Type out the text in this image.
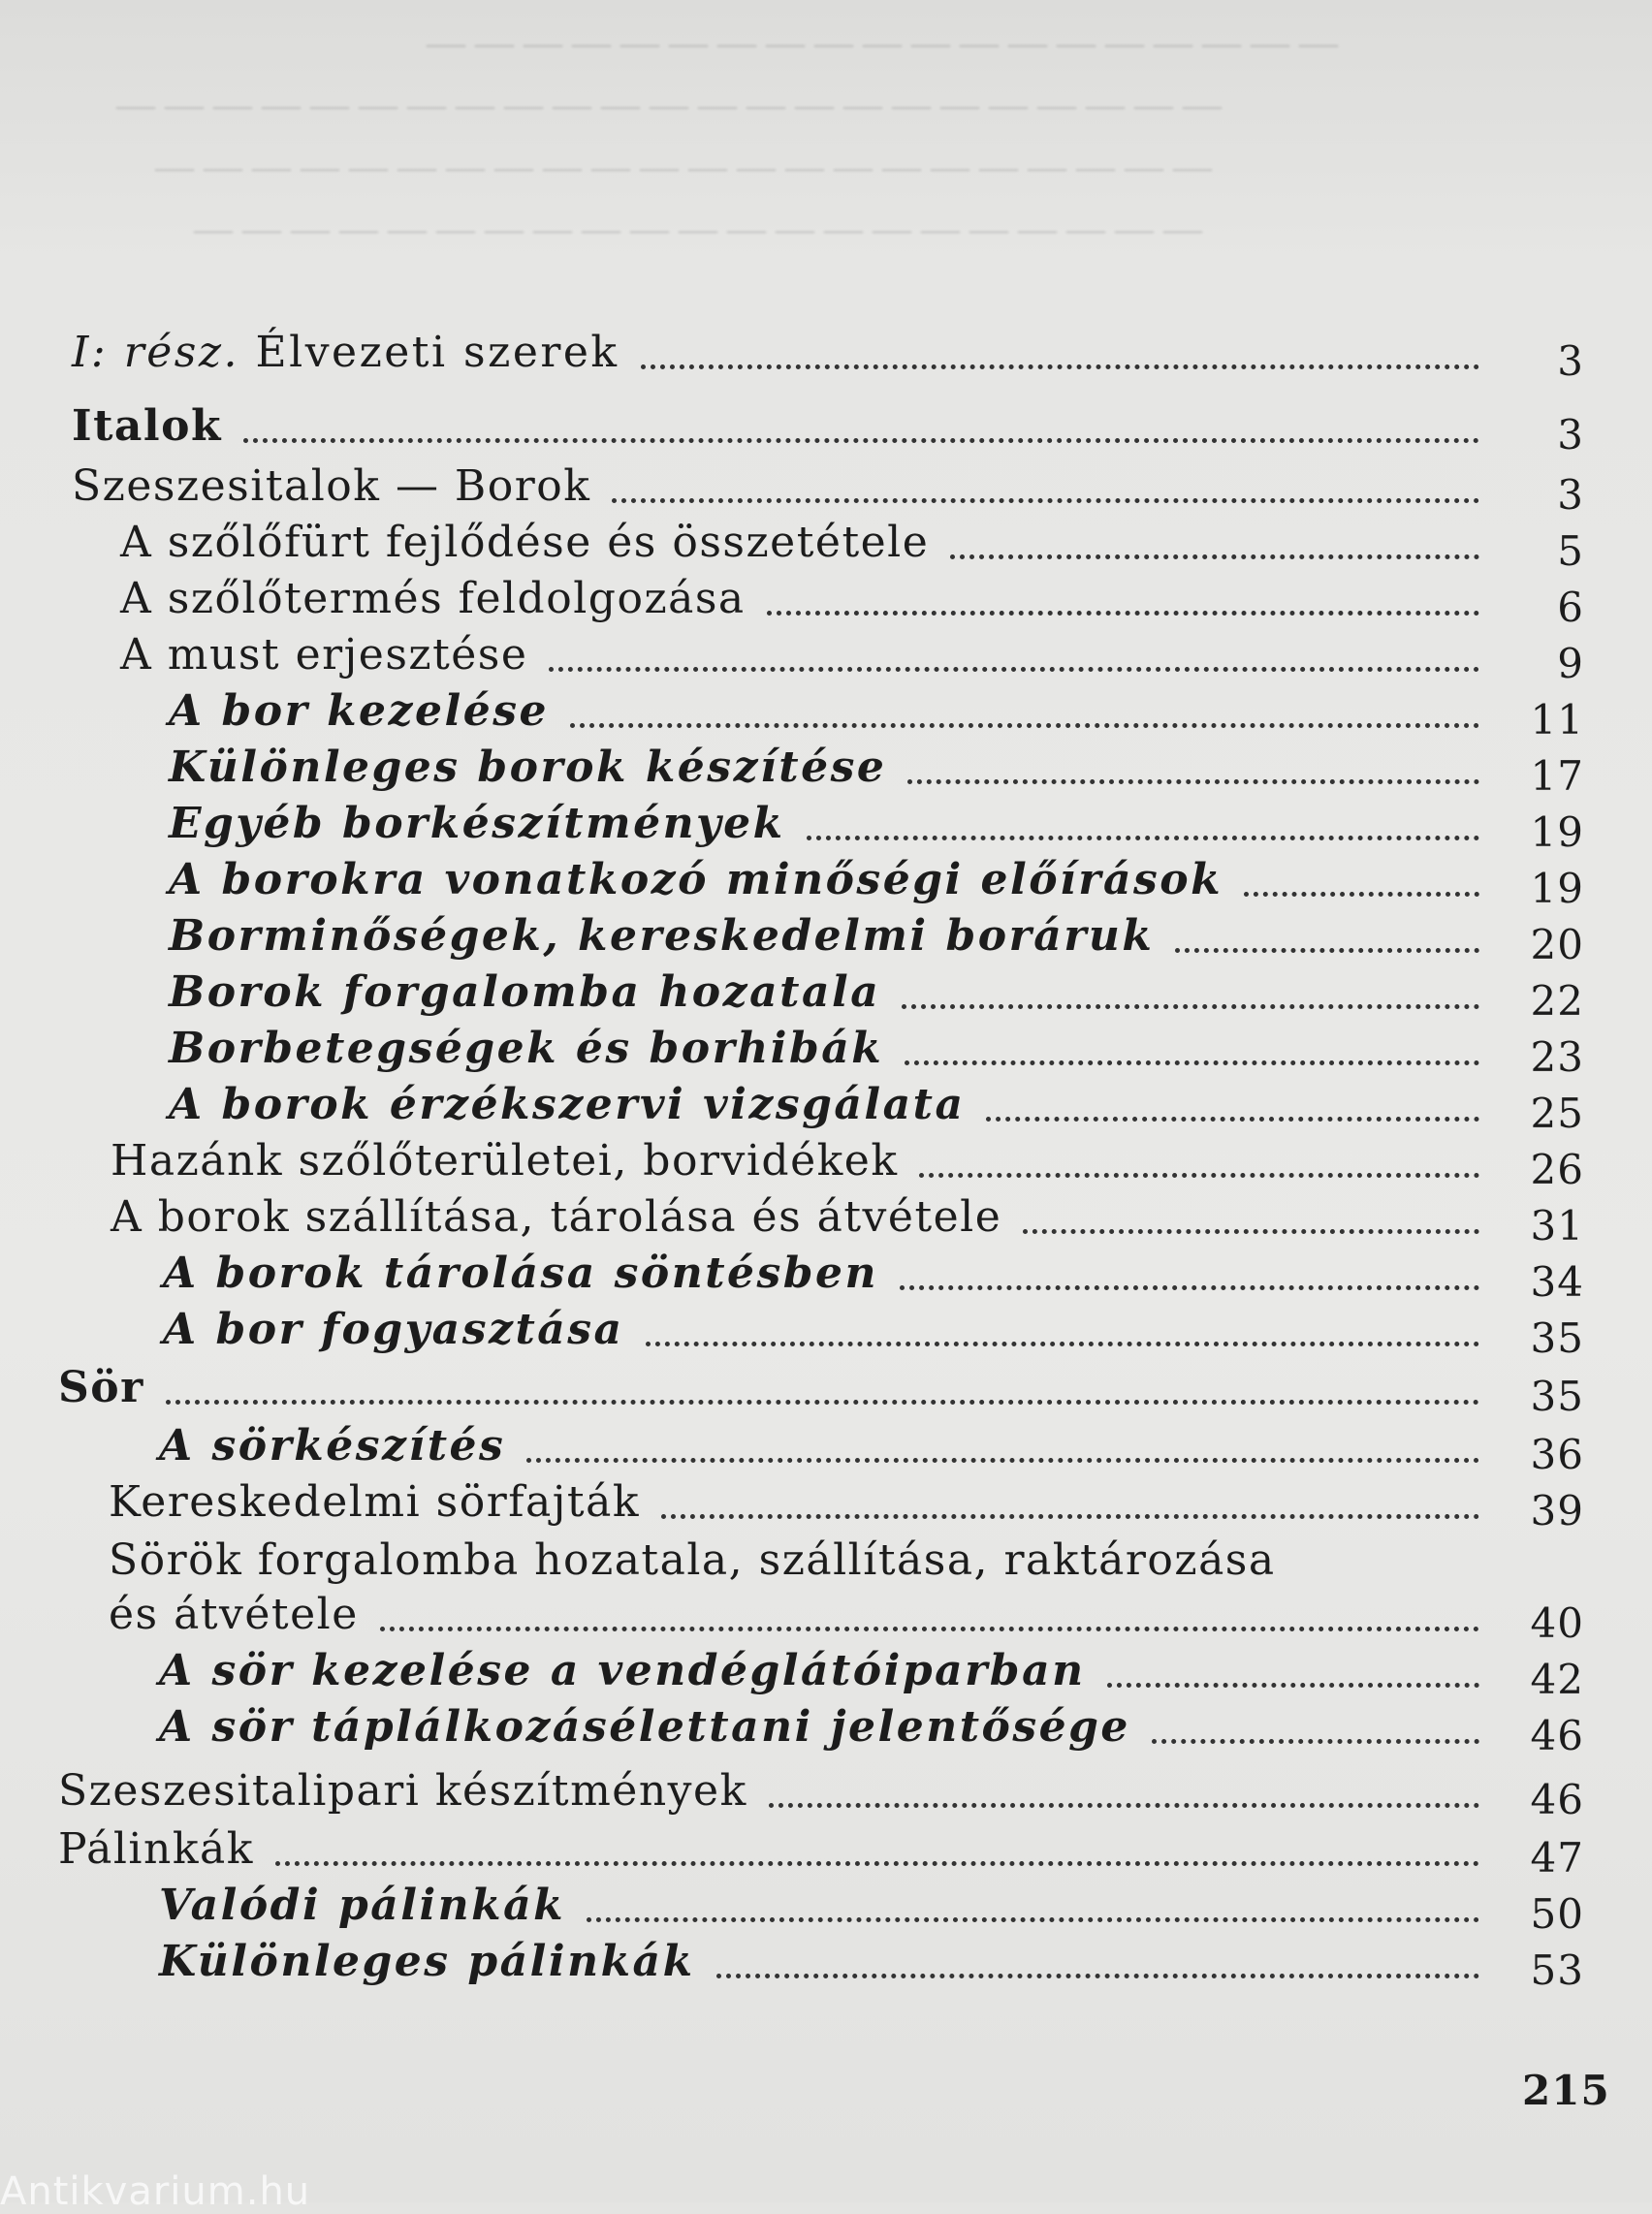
— — — — — — — — — — — — — — — — — — —
— — — — — — — — — — — — — — — — — — — — — — —
— — — — — — — — — — — — — — — — — — — — — —
— — — — — — — — — — — — — — — — — — — — —
I: rész. Élvezeti szerek	3
Italok	3
Szeszesitalok — Borok	3
A szőlőfürt fejlődése és összetétele	5
A szőlőtermés feldolgozása	6
A must erjesztése	9
A bor kezelése	11
Különleges borok készítése	17
Egyéb borkészítmények	19
A borokra vonatkozó minőségi előírások	19
Borminőségek, kereskedelmi boráruk	20
Borok forgalomba hozatala	22
Borbetegségek és borhibák	23
A borok érzékszervi vizsgálata	25
Hazánk szőlőterületei, borvidékek	26
A borok szállítása, tárolása és átvétele	31
A borok tárolása söntésben	34
A bor fogyasztása	35
Sör	35
A sörkészítés	36
Kereskedelmi sörfajták	39
Sörök forgalomba hozatala, szállítása, raktározása
és átvétele	40
A sör kezelése a vendéglátóiparban	42
A sör táplálkozásélettani jelentősége	46
Szeszesitalipari készítmények	46
Pálinkák	47
Valódi pálinkák	50
Különleges pálinkák	53
215
Antikvarium.hu
